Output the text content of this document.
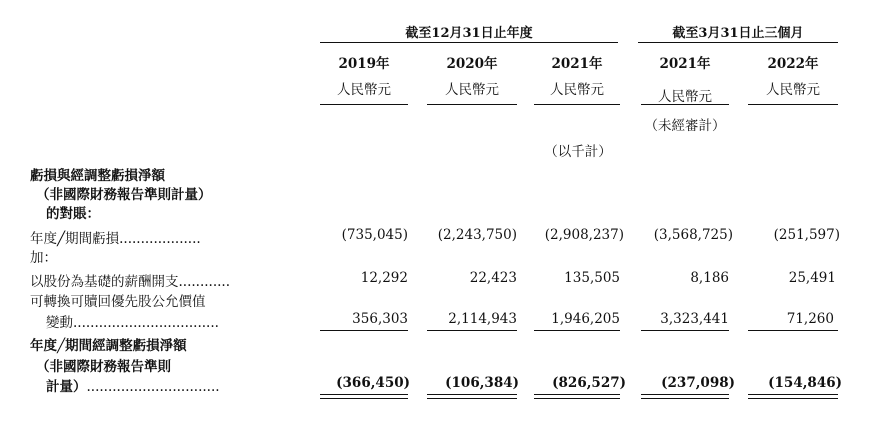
截至12月31日止年度	截至3月31日止三個月
2019年	2020年	2021年	2021年	2022年
人民幣元	人民幣元	人民幣元	人民幣元	人民幣元
（未經審計）
（以千計）
虧損與經調整虧損淨額
（非國際財務報告準則計量）
的對賬：
年度╱期間虧損...................	(735,045)	(2,243,750)	(2,908,237)	(3,568,725)	(251,597)
加：
以股份為基礎的薪酬開支............	12,292	22,423	135,505	8,186	25,491
可轉換可贖回優先股公允價值
變動..................................	356,303	2,114,943	1,946,205	3,323,441	71,260
年度╱期間經調整虧損淨額
（非國際財務報告準則
計量）...............................	(366,450)	(106,384)	(826,527)	(237,098)	(154,846)
